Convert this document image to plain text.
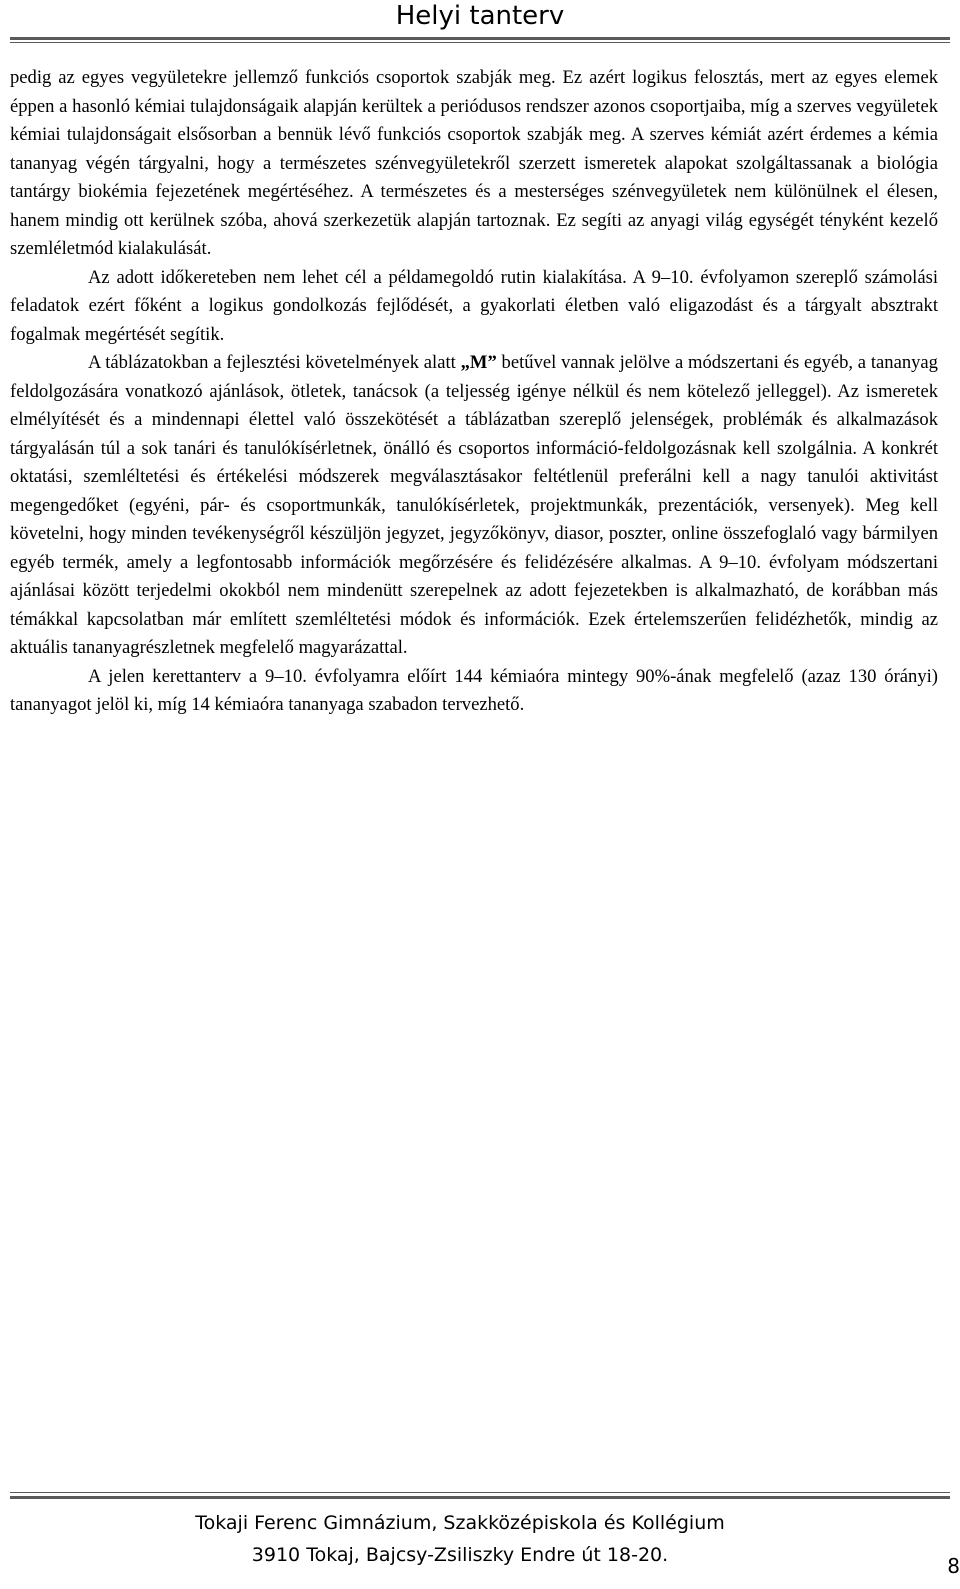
Helyi tanterv

pedig az egyes vegyületekre jellemző funkciós csoportok szabják meg. Ez azért logikus felosztás, mert az egyes elemek éppen a hasonló kémiai tulajdonságaik alapján kerültek a periódusos rendszer azonos csoportjaiba, míg a szerves vegyületek kémiai tulajdonságait elsősorban a bennük lévő funkciós csoportok szabják meg. A szerves kémiát azért érdemes a kémia tananyag végén tárgyalni, hogy a természetes szénvegyületekről szerzett ismeretek alapokat szolgáltassanak a biológia tantárgy biokémia fejezetének megértéséhez. A természetes és a mesterséges szénvegyületek nem különülnek el élesen, hanem mindig ott kerülnek szóba, ahová szerkezetük alapján tartoznak. Ez segíti az anyagi világ egységét tényként kezelő szemléletmód kialakulását.

Az adott időkereteben nem lehet cél a példamegoldó rutin kialakítása. A 9–10. évfolyamon szereplő számolási feladatok ezért főként a logikus gondolkozás fejlődését, a gyakorlati életben való eligazodást és a tárgyalt absztrakt fogalmak megértését segítik.

A táblázatokban a fejlesztési követelmények alatt „M” betűvel vannak jelölve a módszertani és egyéb, a tananyag feldolgozására vonatkozó ajánlások, ötletek, tanácsok (a teljesség igénye nélkül és nem kötelező jelleggel). Az ismeretek elmélyítését és a mindennapi élettel való összekötését a táblázatban szereplő jelenségek, problémák és alkalmazások tárgyalásán túl a sok tanári és tanulókísérletnek, önálló és csoportos információ-feldolgozásnak kell szolgálnia. A konkrét oktatási, szemléltetési és értékelési módszerek megválasztásakor feltétlenül preferálni kell a nagy tanulói aktivitást megengedőket (egyéni, pár- és csoportmunkák, tanulókísérletek, projektmunkák, prezentációk, versenyek). Meg kell követelni, hogy minden tevékenységről készüljön jegyzet, jegyzőkönyv, diasor, poszter, online összefoglaló vagy bármilyen egyéb termék, amely a legfontosabb információk megőrzésére és felidézésére alkalmas. A 9–10. évfolyam módszertani ajánlásai között terjedelmi okokból nem mindenütt szerepelnek az adott fejezetekben is alkalmazható, de korábban más témákkal kapcsolatban már említett szemléltetési módok és információk. Ezek értelemszerűen felidézhetők, mindig az aktuális tananyagrészletnek megfelelő magyarázattal.

A jelen kerettanterv a 9–10. évfolyamra előírt 144 kémiaóra mintegy 90%-ának megfelelő (azaz 130 órányi) tananyagot jelöl ki, míg 14 kémiaóra tananyaga szabadon tervezhető.

Tokaji Ferenc Gimnázium, Szakközépiskola és Kollégium
3910 Tokaj, Bajcsy-Zsiliszky Endre út 18-20.	8
